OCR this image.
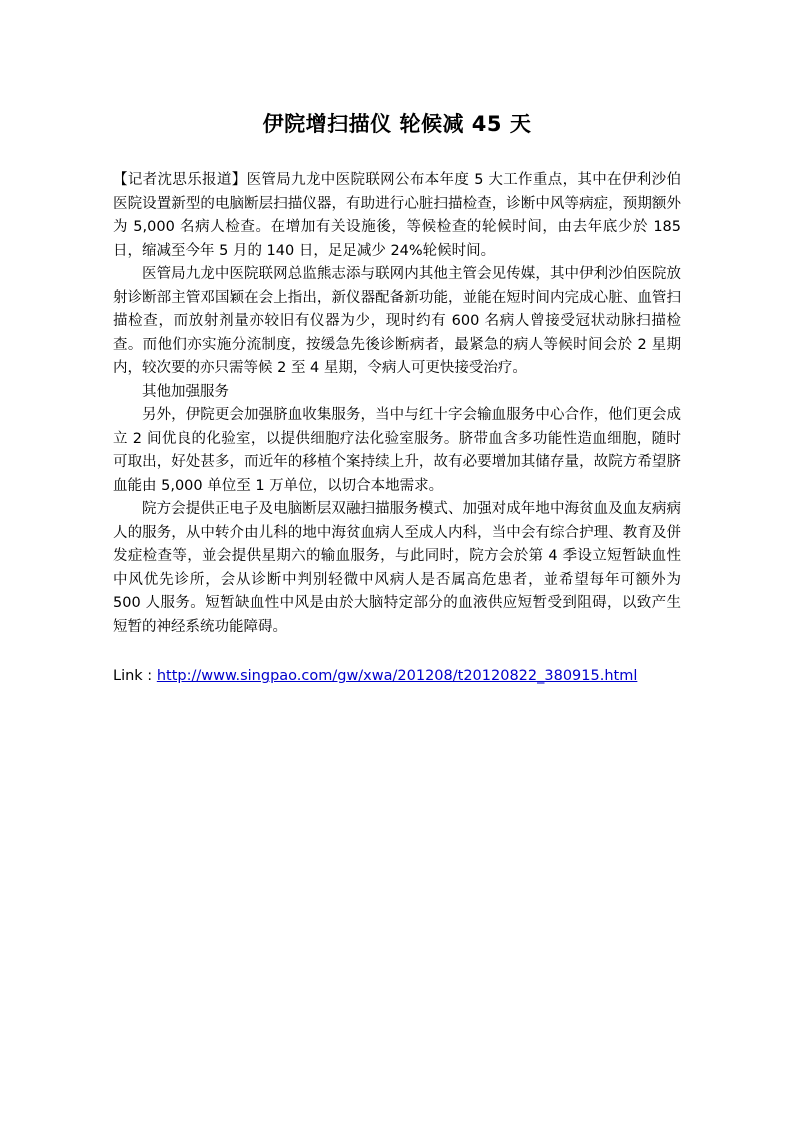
伊院增扫描仪 轮候减 45 天

【记者沈思乐报道】医管局九龙中医院联网公布本年度 5 大工作重点，其中在伊利沙伯医院设置新型的电脑断层扫描仪器，有助进行心脏扫描检查，诊断中风等病症，预期额外为 5,000 名病人检查。在增加有关设施後，等候检查的轮候时间，由去年底少於 185 日，缩减至今年 5 月的 140 日，足足减少 24%轮候时间。

医管局九龙中医院联网总监熊志添与联网内其他主管会见传媒，其中伊利沙伯医院放射诊断部主管邓国颖在会上指出，新仪器配备新功能，並能在短时间内完成心脏、血管扫描检查，而放射剂量亦较旧有仪器为少，现时约有 600 名病人曾接受冠状动脉扫描检查。而他们亦实施分流制度，按缓急先後诊断病者，最紧急的病人等候时间会於 2 星期内，较次要的亦只需等候 2 至 4 星期，令病人可更快接受治疗。

其他加强服务

另外，伊院更会加强脐血收集服务，当中与红十字会输血服务中心合作，他们更会成立 2 间优良的化验室，以提供细胞疗法化验室服务。脐带血含多功能性造血细胞，随时可取出，好处甚多，而近年的移植个案持续上升，故有必要增加其储存量，故院方希望脐血能由 5,000 单位至 1 万单位，以切合本地需求。

院方会提供正电子及电脑断层双融扫描服务模式、加强对成年地中海贫血及血友病病人的服务，从中转介由儿科的地中海贫血病人至成人内科，当中会有综合护理、教育及併发症检查等，並会提供星期六的输血服务，与此同时，院方会於第 4 季设立短暂缺血性中风优先诊所，会从诊断中判别轻微中风病人是否属高危患者，並希望每年可额外为 500 人服务。短暂缺血性中风是由於大脑特定部分的血液供应短暂受到阻碍，以致产生短暂的神经系统功能障碍。

Link : http://www.singpao.com/gw/xwa/201208/t20120822_380915.html
